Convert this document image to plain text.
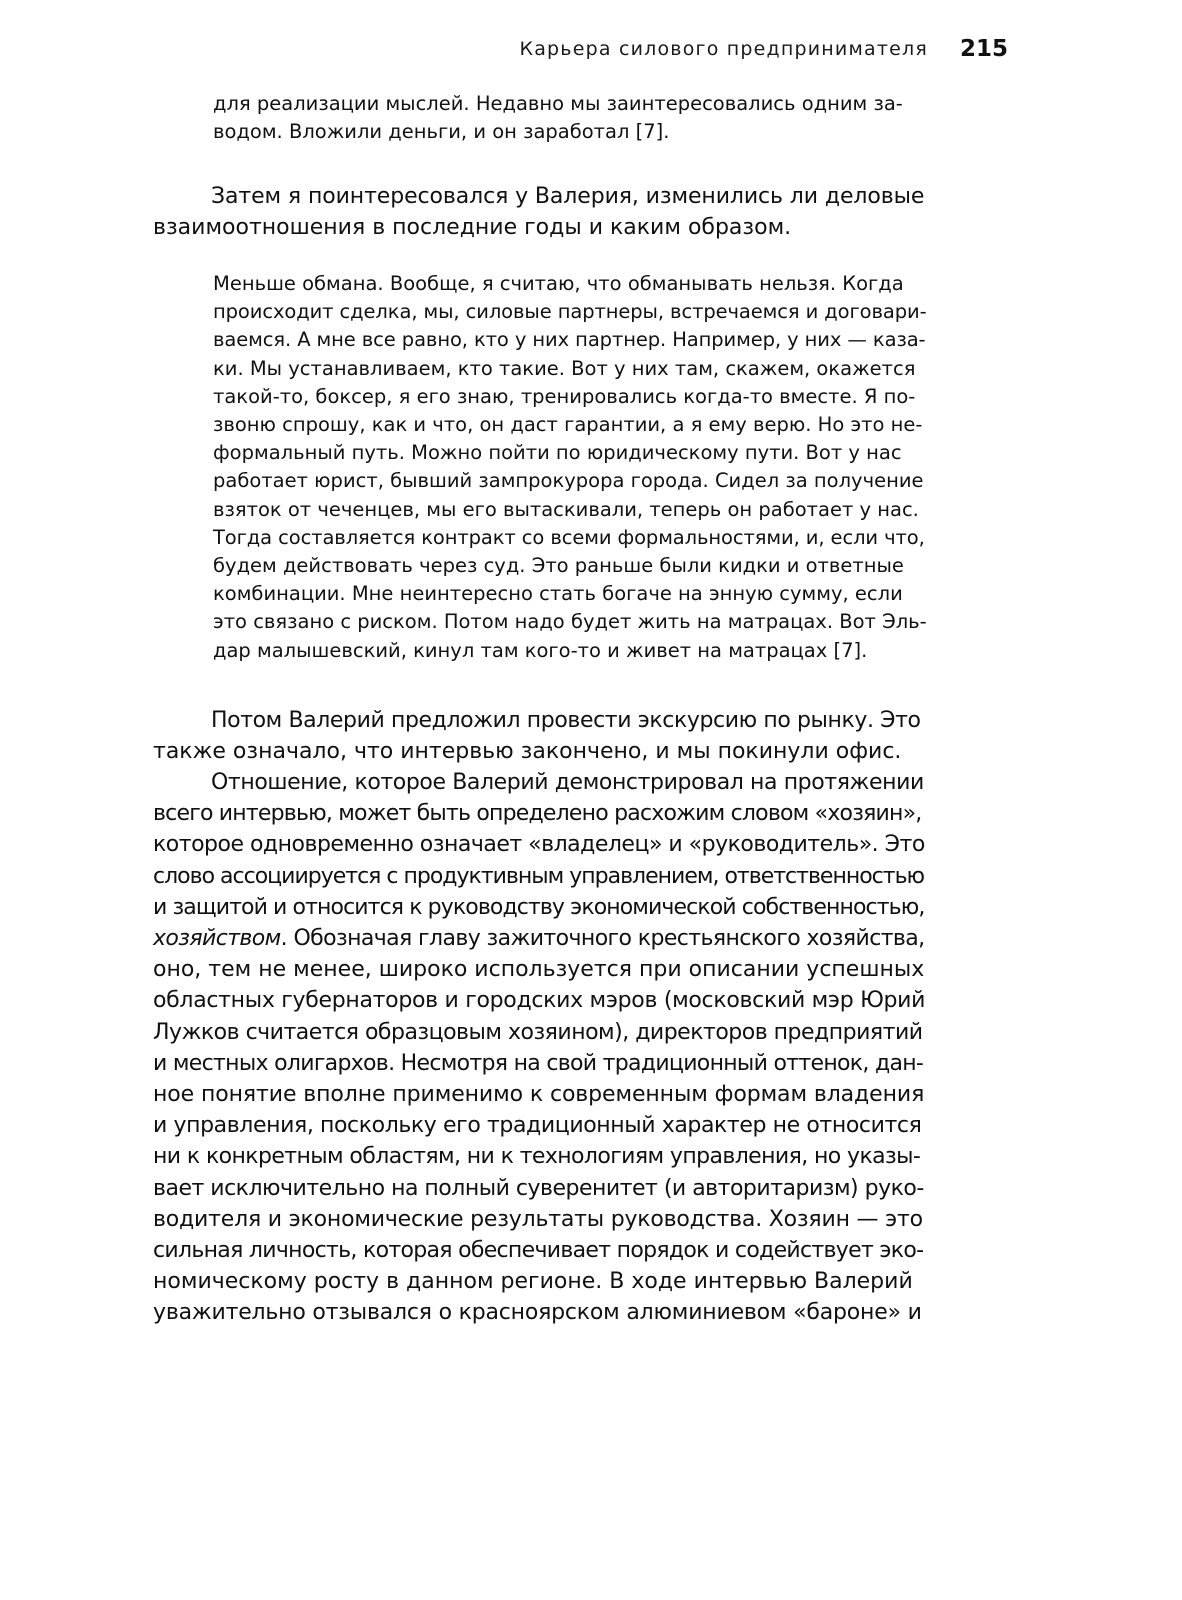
Карьера силового предпринимателя 215
для реализации мыслей. Недавно мы заинтересовались одним за-
водом. Вложили деньги, и он заработал [7].
Затем я поинтересовался у Валерия, изменились ли деловые
взаимоотношения в последние годы и каким образом.
Меньше обмана. Вообще, я считаю, что обманывать нельзя. Когда
происходит сделка, мы, силовые партнеры, встречаемся и договари-
ваемся. А мне все равно, кто у них партнер. Например, у них — каза-
ки. Мы устанавливаем, кто такие. Вот у них там, скажем, окажется
такой-то, боксер, я его знаю, тренировались когда-то вместе. Я по-
звоню спрошу, как и что, он даст гарантии, а я ему верю. Но это не-
формальный путь. Можно пойти по юридическому пути. Вот у нас
работает юрист, бывший зампрокурора города. Сидел за получение
взяток от чеченцев, мы его вытаскивали, теперь он работает у нас.
Тогда составляется контракт со всеми формальностями, и, если что,
будем действовать через суд. Это раньше были кидки и ответные
комбинации. Мне неинтересно стать богаче на энную сумму, если
это связано с риском. Потом надо будет жить на матрацах. Вот Эль-
дар малышевский, кинул там кого-то и живет на матрацах [7].
Потом Валерий предложил провести экскурсию по рынку. Это
также означало, что интервью закончено, и мы покинули офис.
Отношение, которое Валерий демонстрировал на протяжении
всего интервью, может быть определено расхожим словом «хозяин»,
которое одновременно означает «владелец» и «руководитель». Это
слово ассоциируется с продуктивным управлением, ответственностью
и защитой и относится к руководству экономической собственностью,
хозяйством. Обозначая главу зажиточного крестьянского хозяйства,
оно, тем не менее, широко используется при описании успешных
областных губернаторов и городских мэров (московский мэр Юрий
Лужков считается образцовым хозяином), директоров предприятий
и местных олигархов. Несмотря на свой традиционный оттенок, дан-
ное понятие вполне применимо к современным формам владения
и управления, поскольку его традиционный характер не относится
ни к конкретным областям, ни к технологиям управления, но указы-
вает исключительно на полный суверенитет (и авторитаризм) руко-
водителя и экономические результаты руководства. Хозяин — это
сильная личность, которая обеспечивает порядок и содействует эко-
номическому росту в данном регионе. В ходе интервью Валерий
уважительно отзывался о красноярском алюминиевом «бароне» и
